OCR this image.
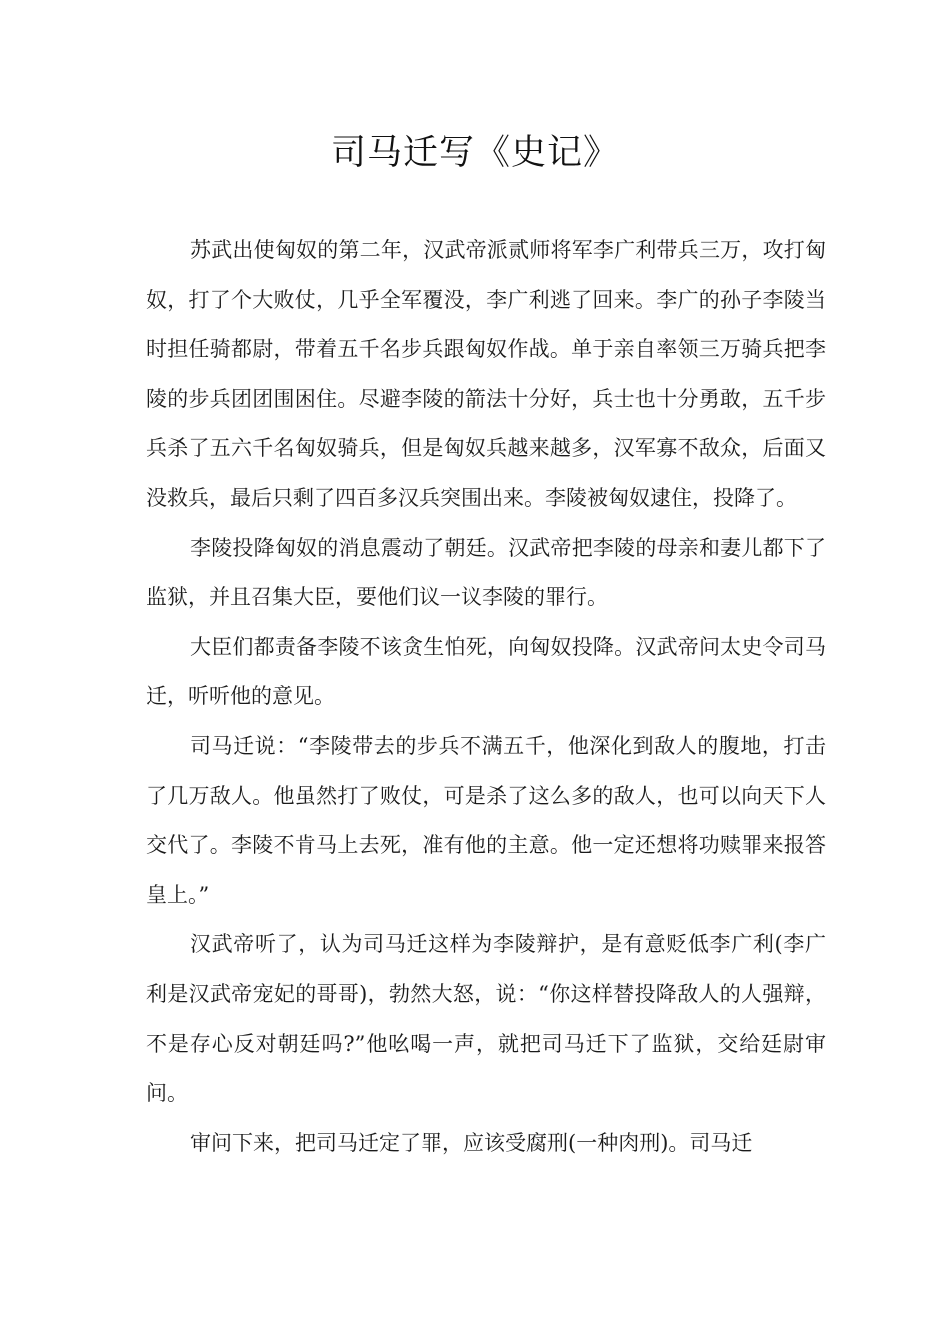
司马迁写《史记》

苏武出使匈奴的第二年，汉武帝派贰师将军李广利带兵三万，攻打匈奴，打了个大败仗，几乎全军覆没，李广利逃了回来。李广的孙子李陵当时担任骑都尉，带着五千名步兵跟匈奴作战。单于亲自率领三万骑兵把李陵的步兵团团围困住。尽避李陵的箭法十分好，兵士也十分勇敢，五千步兵杀了五六千名匈奴骑兵，但是匈奴兵越来越多，汉军寡不敌众，后面又没救兵，最后只剩了四百多汉兵突围出来。李陵被匈奴逮住，投降了。

李陵投降匈奴的消息震动了朝廷。汉武帝把李陵的母亲和妻儿都下了监狱，并且召集大臣，要他们议一议李陵的罪行。

大臣们都责备李陵不该贪生怕死，向匈奴投降。汉武帝问太史令司马迁，听听他的意见。

司马迁说：“李陵带去的步兵不满五千，他深化到敌人的腹地，打击了几万敌人。他虽然打了败仗，可是杀了这么多的敌人，也可以向天下人交代了。李陵不肯马上去死，准有他的主意。他一定还想将功赎罪来报答皇上。”

汉武帝听了，认为司马迁这样为李陵辩护，是有意贬低李广利(李广利是汉武帝宠妃的哥哥)，勃然大怒，说：“你这样替投降敌人的人强辩，不是存心反对朝廷吗?”他吆喝一声，就把司马迁下了监狱，交给廷尉审问。

审问下来，把司马迁定了罪，应该受腐刑(一种肉刑)。司马迁
